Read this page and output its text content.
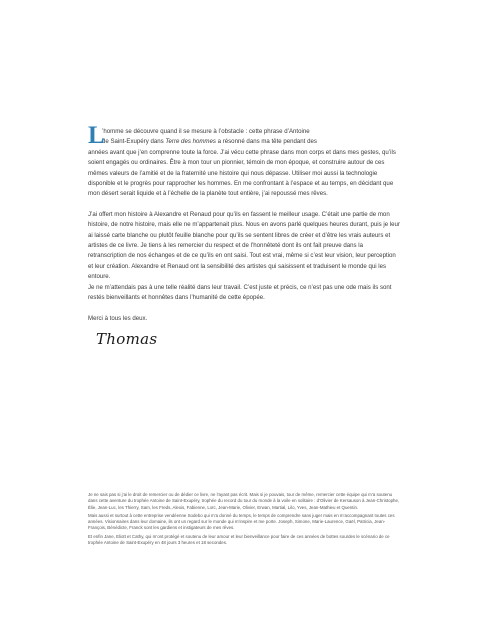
L
’homme se découvre quand il se mesure à l’obstacle : cette phrase d’Antoine
de Saint-Exupéry dans Terre des hommes a résonné dans ma tête pendant des
années avant que j’en comprenne toute la force. J’ai vécu cette phrase dans mon corps et dans mes gestes, qu’ils soient engagés ou ordinaires. Être à mon tour un pionnier, témoin de mon époque, et construire autour de ces mêmes valeurs de l’amitié et de la fraternité une histoire qui nous dépasse. Utiliser moi aussi la technologie disponible et le progrès pour rapprocher les hommes. En me confrontant à l’espace et au temps, en décidant que mon désert serait liquide et à l’échelle de la planète tout entière, j’ai repoussé mes rêves.

J’ai offert mon histoire à Alexandre et Renaud pour qu’ils en fassent le meilleur usage. C’était une partie de mon histoire, de notre histoire, mais elle ne m’appartenait plus. Nous en avons parlé quelques heures durant, puis je leur ai laissé carte blanche ou plutôt feuille blanche pour qu’ils se sentent libres de créer et d’être les vrais auteurs et artistes de ce livre. Je tiens à les remercier du respect et de l’honnêteté dont ils ont fait preuve dans la retranscription de nos échanges et de ce qu’ils en ont saisi. Tout est vrai, même si c’est leur vision, leur perception et leur création. Alexandre et Renaud ont la sensibilité des artistes qui saisissent et traduisent le monde qui les entoure.

Je ne m’attendais pas à une telle réalité dans leur travail. C’est juste et précis, ce n’est pas une ode mais ils sont restés bienveillants et honnêtes dans l’humanité de cette épopée.

Merci à tous les deux.

Thomas

Je ne sais pas si j’ai le droit de remercier ou de dédier ce livre, ne l’ayant pas écrit. Mais si je pouvais, tour de même, remercier cette équipe qui m’a soutenu dans cette aventure du trophée Antoine de Saint-Exupéry, trophée du record du tour du monde à la voile en solitaire : d’Olivier de Kersauson à Jean-Christophe, Élie, Jean-Luc, les Thierry, Sam, les Freds, Alexis, Fabienne, Loïc, Jean-Marie, Olivier, Erwan, Martial, Lilo, Yves, Jean-Mathieu et Quentin.

Mais aussi et surtout à cette entreprise vendéenne Sodebo qui m’a donné du temps, le temps de comprendre sans juger mais en m’accompagnant toutes ces années. Visionnaires dans leur domaine, ils ont un regard sur le monde qui m’inspire et me porte. Joseph, Simone, Marie-Laurence, Gaël, Patricia, Jean-François, Bénédicte, Franck sont les gardiens et instigateurs de mes rêves.

Et enfin Jane, Eliott et Cathy, qui m’ont protégé et soutenu de leur amour et leur bienveillance pour faire de ces années de bottes sourdes le scénario de ce trophée Antoine de Saint-Exupéry en 48 jours 3 heures et 18 secondes.
